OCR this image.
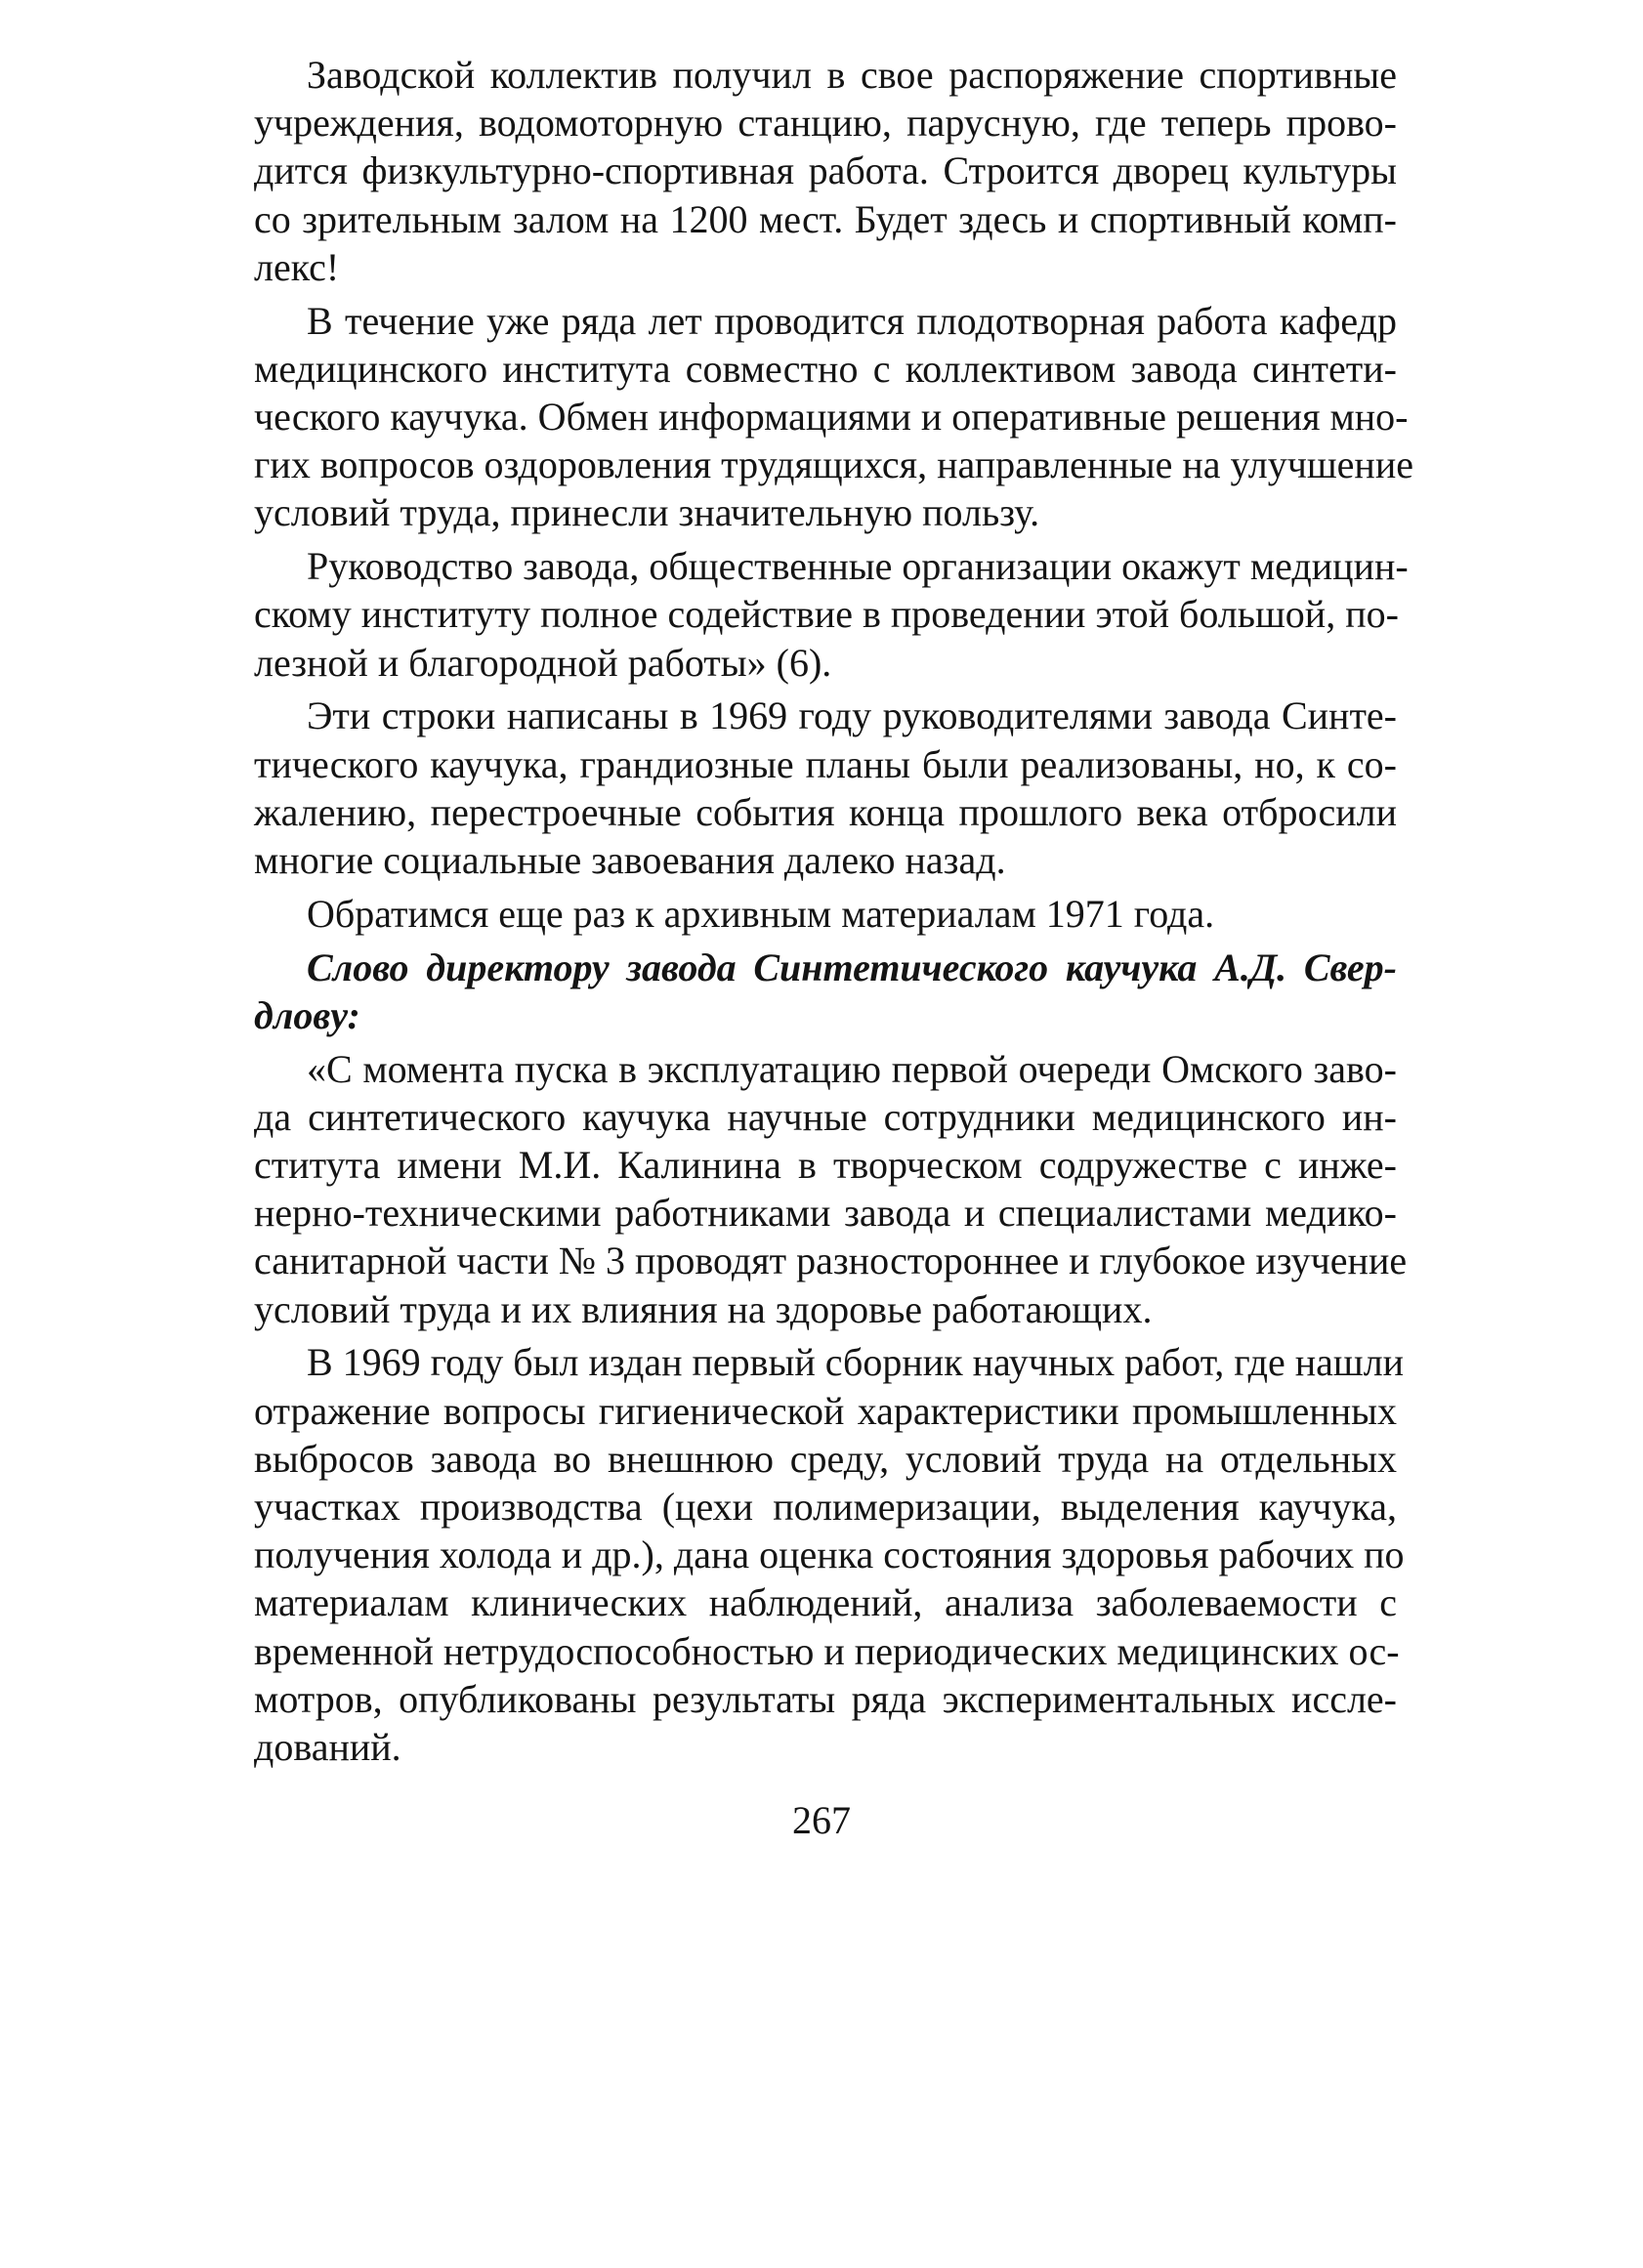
Заводской коллектив получил в свое распоряжение спортивные
учреждения, водомоторную станцию, парусную, где теперь прово-
дится физкультурно-спортивная работа. Строится дворец культуры
со зрительным залом на 1200 мест. Будет здесь и спортивный комп-
лекс!
В течение уже ряда лет проводится плодотворная работа кафедр
медицинского института совместно с коллективом завода синтети-
ческого каучука. Обмен информациями и оперативные решения мно-
гих вопросов оздоровления трудящихся, направленные на улучшение
условий труда, принесли значительную пользу.
Руководство завода, общественные организации окажут медицин-
скому институту полное содействие в проведении этой большой, по-
лезной и благородной работы» (6).
Эти строки написаны в 1969 году руководителями завода Синте-
тического каучука, грандиозные планы были реализованы, но, к со-
жалению, перестроечные события конца прошлого века отбросили
многие социальные завоевания далеко назад.
Обратимся еще раз к архивным материалам 1971 года.
Слово директору завода Синтетического каучука А.Д. Свер-
длову:
«С момента пуска в эксплуатацию первой очереди Омского заво-
да синтетического каучука научные сотрудники медицинского ин-
ститута имени М.И. Калинина в творческом содружестве с инже-
нерно-техническими работниками завода и специалистами медико-
санитарной части № 3 проводят разностороннее и глубокое изучение
условий труда и их влияния на здоровье работающих.
В 1969 году был издан первый сборник научных работ, где нашли
отражение вопросы гигиенической характеристики промышленных
выбросов завода во внешнюю среду, условий труда на отдельных
участках производства (цехи полимеризации, выделения каучука,
получения холода и др.), дана оценка состояния здоровья рабочих по
материалам клинических наблюдений, анализа заболеваемости с
временной нетрудоспособностью и периодических медицинских ос-
мотров, опубликованы результаты ряда экспериментальных иссле-
дований.
267
